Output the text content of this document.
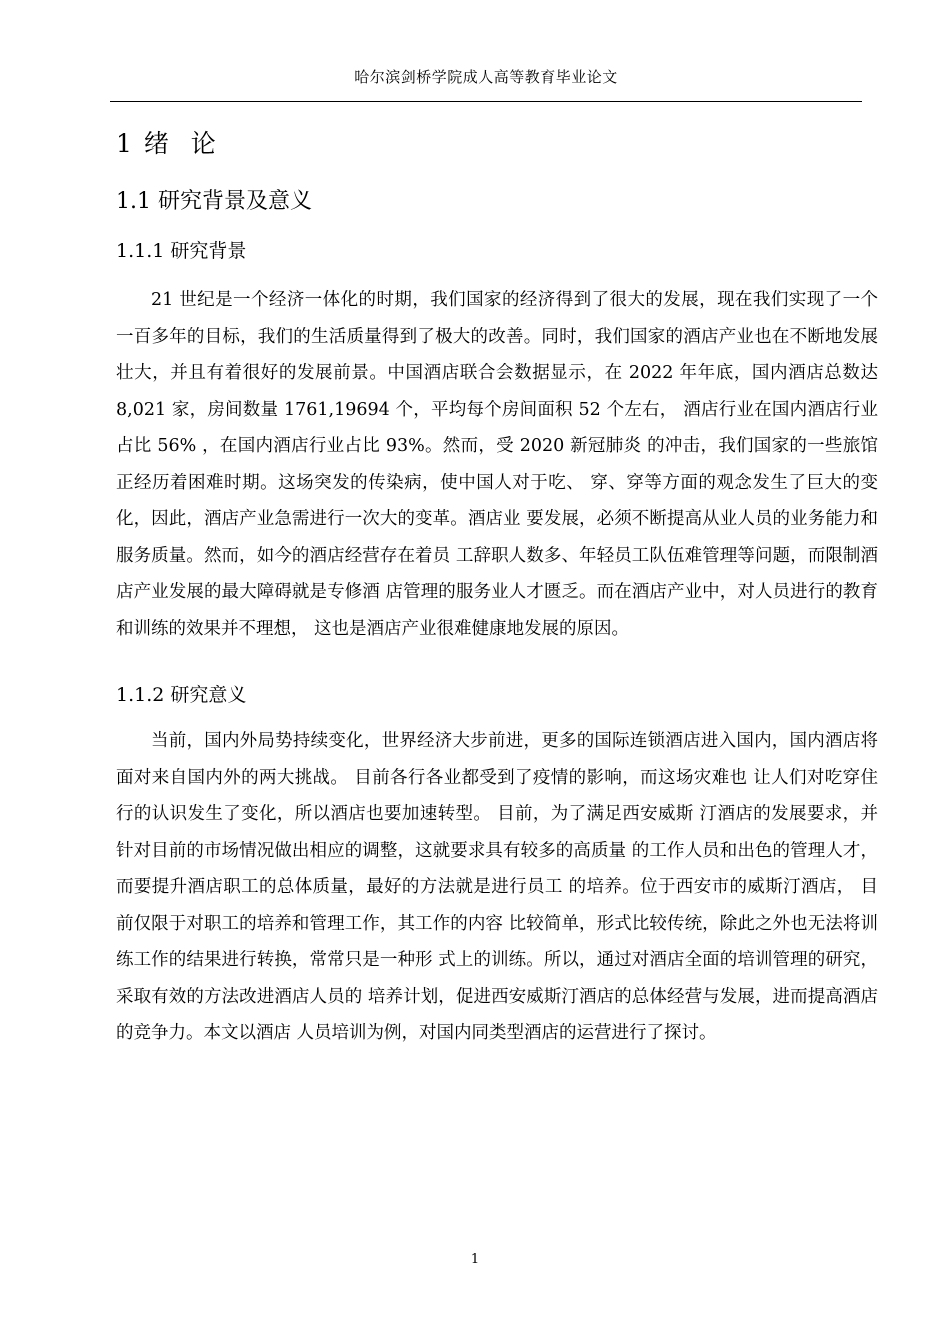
哈尔滨剑桥学院成人高等教育毕业论文
1 绪  论
1.1 研究背景及意义
1.1.1 研究背景

21 世纪是一个经济一体化的时期，我们国家的经济得到了很大的发展，现在我们实现了一个一百多年的目标，我们的生活质量得到了极大的改善。同时，我们国家的酒店产业也在不断地发展壮大，并且有着很好的发展前景。中国酒店联合会数据显示，在 2022 年年底，国内酒店总数达 8,021 家，房间数量 1761,19694 个，平均每个房间面积 52 个左右， 酒店行业在国内酒店行业占比 56% ，在国内酒店行业占比 93%。然而，受 2020 新冠肺炎 的冲击，我们国家的一些旅馆正经历着困难时期。这场突发的传染病，使中国人对于吃、 穿、穿等方面的观念发生了巨大的变化，因此，酒店产业急需进行一次大的变革。酒店业 要发展，必须不断提高从业人员的业务能力和服务质量。然而，如今的酒店经营存在着员 工辞职人数多、年轻员工队伍难管理等问题，而限制酒店产业发展的最大障碍就是专修酒 店管理的服务业人才匮乏。而在酒店产业中，对人员进行的教育和训练的效果并不理想， 这也是酒店产业很难健康地发展的原因。

1.1.2 研究意义

当前，国内外局势持续变化，世界经济大步前进，更多的国际连锁酒店进入国内，国内酒店将面对来自国内外的两大挑战。 目前各行各业都受到了疫情的影响，而这场灾难也 让人们对吃穿住行的认识发生了变化，所以酒店也要加速转型。 目前，为了满足西安威斯 汀酒店的发展要求，并针对目前的市场情况做出相应的调整，这就要求具有较多的高质量 的工作人员和出色的管理人才，而要提升酒店职工的总体质量，最好的方法就是进行员工 的培养。位于西安市的威斯汀酒店， 目前仅限于对职工的培养和管理工作，其工作的内容 比较简单，形式比较传统，除此之外也无法将训练工作的结果进行转换，常常只是一种形 式上的训练。所以，通过对酒店全面的培训管理的研究，采取有效的方法改进酒店人员的 培养计划，促进西安威斯汀酒店的总体经营与发展，进而提高酒店的竞争力。本文以酒店 人员培训为例，对国内同类型酒店的运营进行了探讨。

1
